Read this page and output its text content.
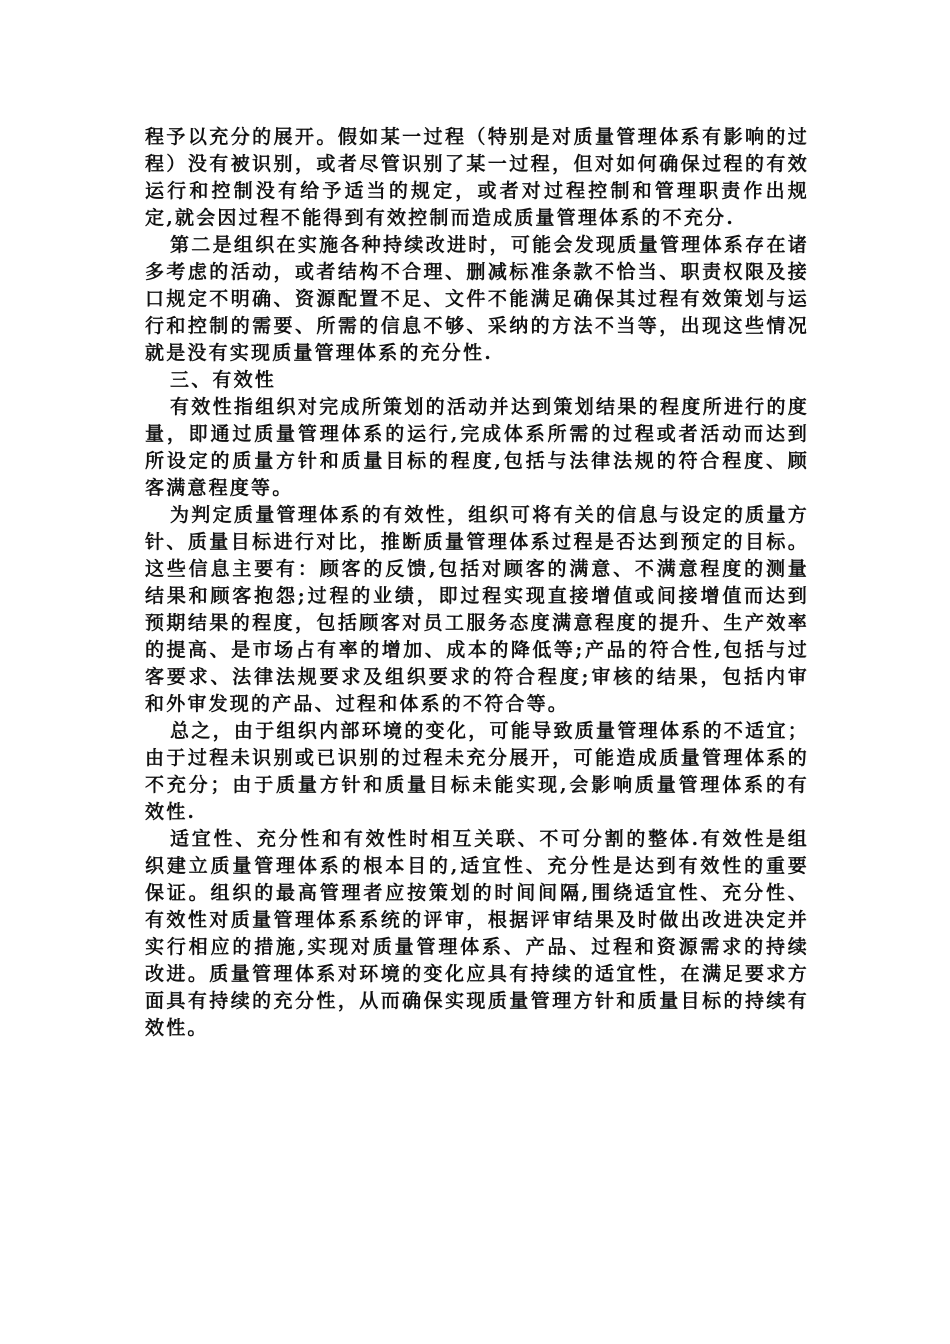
程予以充分的展开。假如某一过程（特别是对质量管理体系有影响的过程）没有被识别，或者尽管识别了某一过程，但对如何确保过程的有效运行和控制没有给予适当的规定，或者对过程控制和管理职责作出规定,就会因过程不能得到有效控制而造成质量管理体系的不充分.

第二是组织在实施各种持续改进时，可能会发现质量管理体系存在诸多考虑的活动，或者结构不合理、删减标准条款不恰当、职责权限及接口规定不明确、资源配置不足、文件不能满足确保其过程有效策划与运行和控制的需要、所需的信息不够、采纳的方法不当等，出现这些情况就是没有实现质量管理体系的充分性.

三、有效性

有效性指组织对完成所策划的活动并达到策划结果的程度所进行的度量，即通过质量管理体系的运行,完成体系所需的过程或者活动而达到所设定的质量方针和质量目标的程度,包括与法律法规的符合程度、顾客满意程度等。

为判定质量管理体系的有效性，组织可将有关的信息与设定的质量方针、质量目标进行对比，推断质量管理体系过程是否达到预定的目标。这些信息主要有：顾客的反馈,包括对顾客的满意、不满意程度的测量结果和顾客抱怨;过程的业绩，即过程实现直接增值或间接增值而达到预期结果的程度，包括顾客对员工服务态度满意程度的提升、生产效率的提高、是市场占有率的增加、成本的降低等;产品的符合性,包括与过客要求、法律法规要求及组织要求的符合程度;审核的结果，包括内审和外审发现的产品、过程和体系的不符合等。

总之，由于组织内部环境的变化，可能导致质量管理体系的不适宜；由于过程未识别或已识别的过程未充分展开，可能造成质量管理体系的不充分；由于质量方针和质量目标未能实现,会影响质量管理体系的有效性.

适宜性、充分性和有效性时相互关联、不可分割的整体.有效性是组织建立质量管理体系的根本目的,适宜性、充分性是达到有效性的重要保证。组织的最高管理者应按策划的时间间隔,围绕适宜性、充分性、有效性对质量管理体系系统的评审，根据评审结果及时做出改进决定并实行相应的措施,实现对质量管理体系、产品、过程和资源需求的持续改进。质量管理体系对环境的变化应具有持续的适宜性，在满足要求方面具有持续的充分性，从而确保实现质量管理方针和质量目标的持续有效性。
